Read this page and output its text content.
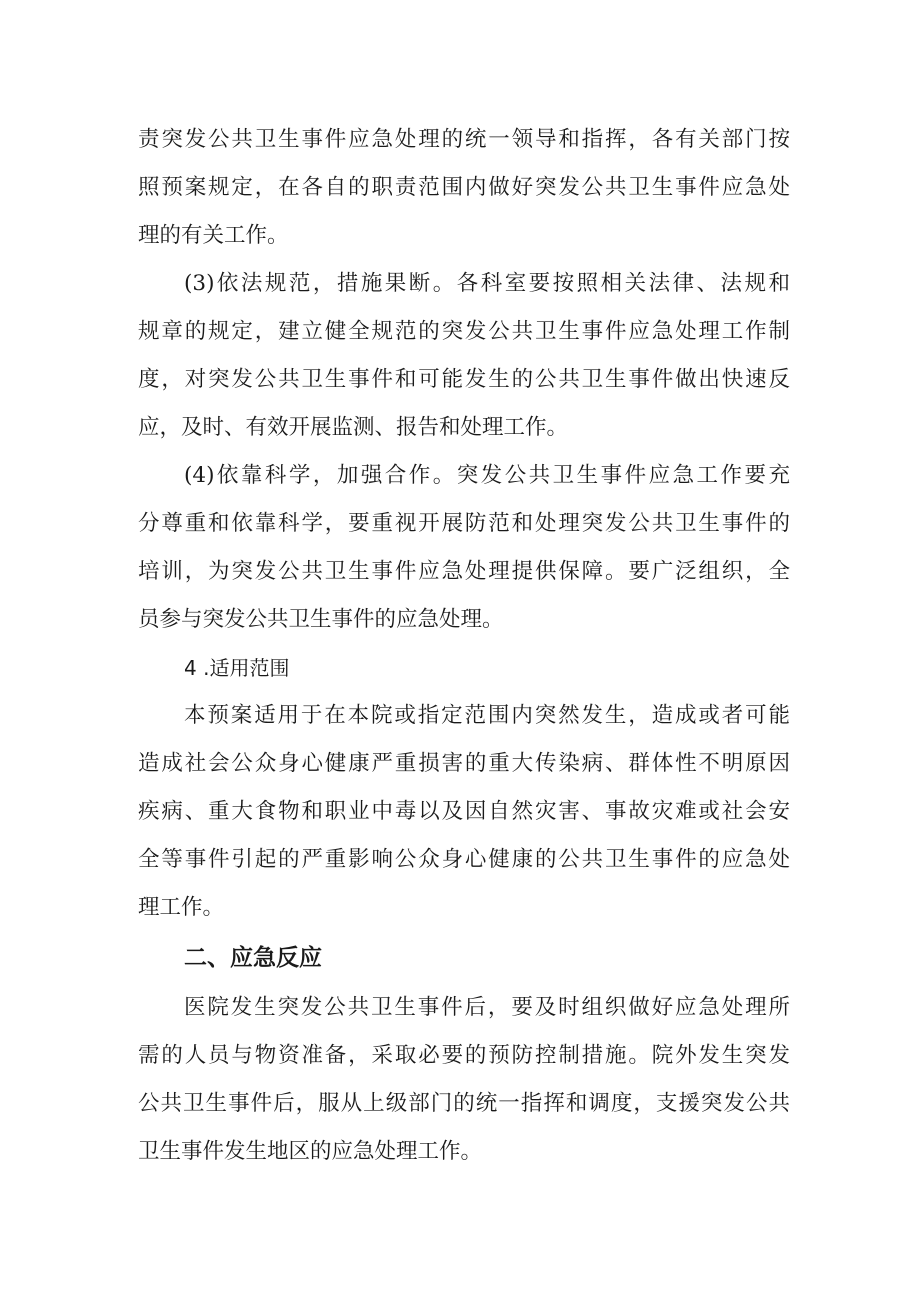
责突发公共卫生事件应急处理的统一领导和指挥，各有关部门按
照预案规定，在各自的职责范围内做好突发公共卫生事件应急处
理的有关工作。
(3)依法规范，措施果断。各科室要按照相关法律、法规和
规章的规定，建立健全规范的突发公共卫生事件应急处理工作制
度，对突发公共卫生事件和可能发生的公共卫生事件做出快速反
应，及时、有效开展监测、报告和处理工作。
(4)依靠科学，加强合作。突发公共卫生事件应急工作要充
分尊重和依靠科学，要重视开展防范和处理突发公共卫生事件的
培训，为突发公共卫生事件应急处理提供保障。要广泛组织，全
员参与突发公共卫生事件的应急处理。
4 .适用范围
本预案适用于在本院或指定范围内突然发生，造成或者可能
造成社会公众身心健康严重损害的重大传染病、群体性不明原因
疾病、重大食物和职业中毒以及因自然灾害、事故灾难或社会安
全等事件引起的严重影响公众身心健康的公共卫生事件的应急处
理工作。
二、应急反应
医院发生突发公共卫生事件后，要及时组织做好应急处理所
需的人员与物资准备，采取必要的预防控制措施。院外发生突发
公共卫生事件后，服从上级部门的统一指挥和调度，支援突发公共
卫生事件发生地区的应急处理工作。
